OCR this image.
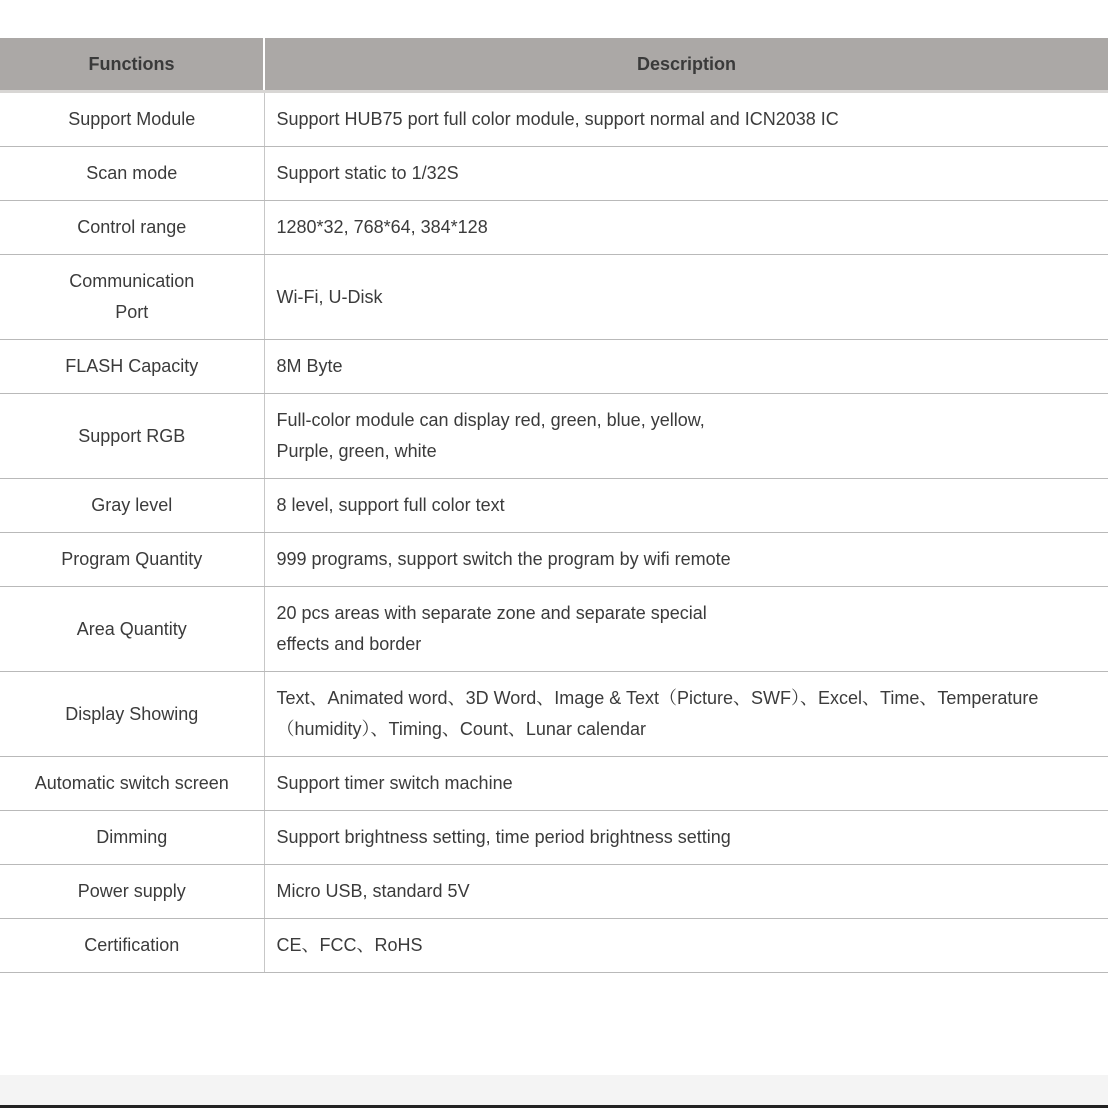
Functions	Description
Support Module	Support HUB75 port full color module, support normal and ICN2038 IC
Scan mode	Support static to 1/32S
Control range	1280*32, 768*64, 384*128
Communication Port	Wi-Fi, U-Disk
FLASH Capacity	8M Byte
Support RGB	Full-color module can display red, green, blue, yellow,
Purple, green, white
Gray level	8 level, support full color text
Program Quantity	999 programs, support switch the program by wifi remote
Area Quantity	20 pcs areas with separate zone and separate special
effects and border
Display Showing	Text、Animated word、3D Word、Image & Text（Picture、SWF）、Excel、Time、Temperature
（humidity）、Timing、Count、Lunar calendar
Automatic switch screen	Support timer switch machine
Dimming	Support brightness setting, time period brightness setting
Power supply	Micro USB, standard 5V
Certification	CE、FCC、RoHS
